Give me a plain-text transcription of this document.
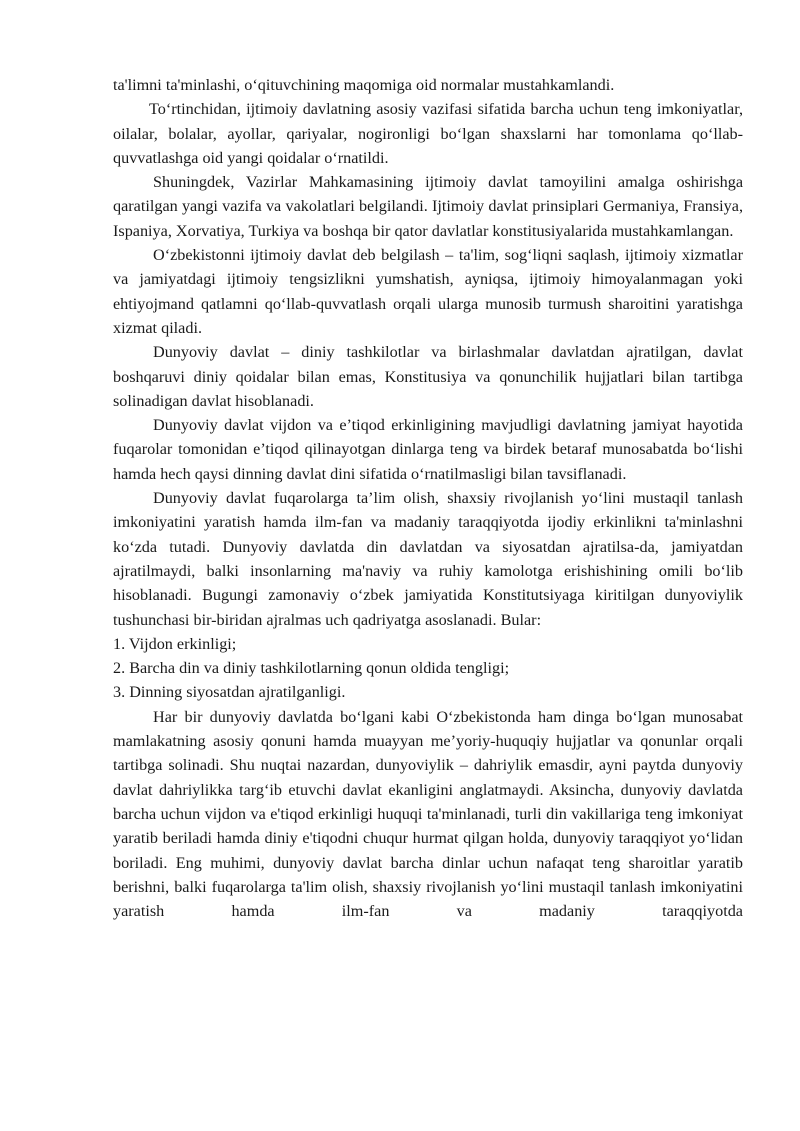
ta'limni ta'minlashi, o‘qituvchining maqomiga oid normalar mustahkamlandi.

To‘rtinchidan, ijtimoiy davlatning asosiy vazifasi sifatida barcha uchun teng imkoniyatlar, oilalar, bolalar, ayollar, qariyalar, nogironligi bo‘lgan shaxslarni har tomonlama qo‘llab-quvvatlashga oid yangi qoidalar o‘rnatildi.

Shuningdek, Vazirlar Mahkamasining ijtimoiy davlat tamoyilini amalga oshirishga qaratilgan yangi vazifa va vakolatlari belgilandi. Ijtimoiy davlat prinsiplari Germaniya, Fransiya, Ispaniya, Xorvatiya, Turkiya va boshqa bir qator davlatlar konstitusiyalarida mustahkamlangan.

O‘zbekistonni ijtimoiy davlat deb belgilash – ta'lim, sog‘liqni saqlash, ijtimoiy xizmatlar va jamiyatdagi ijtimoiy tengsizlikni yumshatish, ayniqsa, ijtimoiy himoyalanmagan yoki ehtiyojmand qatlamni qo‘llab-quvvatlash orqali ularga munosib turmush sharoitini yaratishga xizmat qiladi.

Dunyoviy davlat – diniy tashkilotlar va birlashmalar davlatdan ajratilgan, davlat boshqaruvi diniy qoidalar bilan emas, Konstitusiya va qonunchilik hujjatlari bilan tartibga solinadigan davlat hisoblanadi.

Dunyoviy davlat vijdon va e’tiqod erkinligining mavjudligi davlatning jamiyat hayotida fuqarolar tomonidan e’tiqod qilinayotgan dinlarga teng va birdek betaraf munosabatda bo‘lishi hamda hech qaysi dinning davlat dini sifatida o‘rnatilmasligi bilan tavsiflanadi.

Dunyoviy davlat fuqarolarga ta’lim olish, shaxsiy rivojlanish yo‘lini mustaqil tanlash imkoniyatini yaratish hamda ilm-fan va madaniy taraqqiyotda ijodiy erkinlikni ta'minlashni ko‘zda tutadi. Dunyoviy davlatda din davlatdan va siyosatdan ajratilsa-da, jamiyatdan ajratilmaydi, balki insonlarning ma'naviy va ruhiy kamolotga erishishining omili bo‘lib hisoblanadi. Bugungi zamonaviy o‘zbek jamiyatida Konstitutsiyaga kiritilgan dunyoviylik tushunchasi bir-biridan ajralmas uch qadriyatga asoslanadi. Bular:

1. Vijdon erkinligi;

2. Barcha din va diniy tashkilotlarning qonun oldida tengligi;

3. Dinning siyosatdan ajratilganligi.

Har bir dunyoviy davlatda bo‘lgani kabi O‘zbekistonda ham dinga bo‘lgan munosabat mamlakatning asosiy qonuni hamda muayyan me’yoriy-huquqiy hujjatlar va qonunlar orqali tartibga solinadi. Shu nuqtai nazardan, dunyoviylik – dahriylik emasdir, ayni paytda dunyoviy davlat dahriylikka targ‘ib etuvchi davlat ekanligini anglatmaydi. Aksincha, dunyoviy davlatda barcha uchun vijdon va e'tiqod erkinligi huquqi ta'minlanadi, turli din vakillariga teng imkoniyat yaratib beriladi hamda diniy e'tiqodni chuqur hurmat qilgan holda, dunyoviy taraqqiyot yo‘lidan boriladi. Eng muhimi, dunyoviy davlat barcha dinlar uchun nafaqat teng sharoitlar yaratib berishni, balki fuqarolarga ta'lim olish, shaxsiy rivojlanish yo‘lini mustaqil tanlash imkoniyatini yaratish hamda ilm-fan va madaniy taraqqiyotda
